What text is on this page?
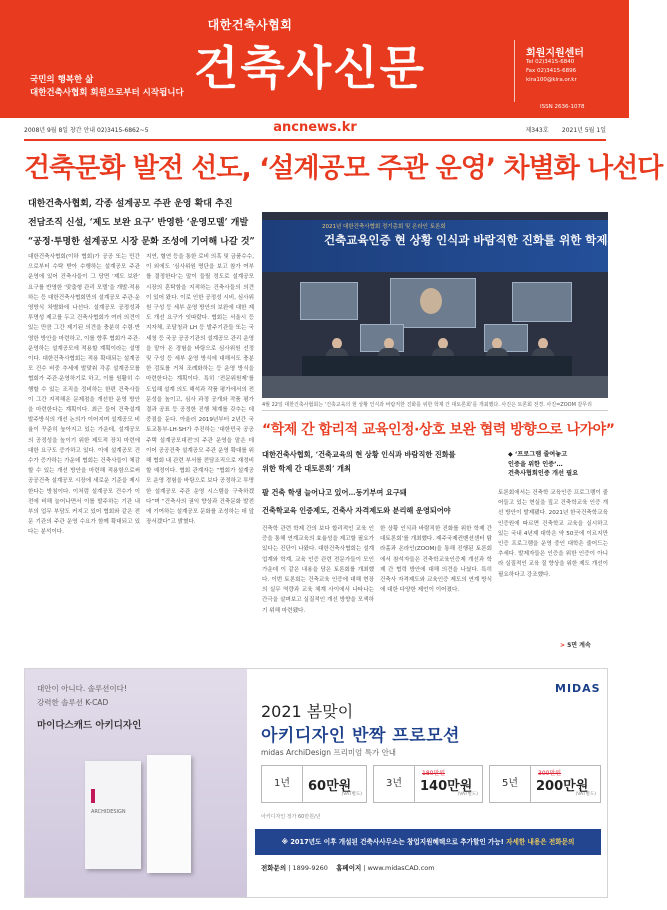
대한건축사협회
건축사신문
국민의 행복한 삶
대한건축사협회 회원으로부터 시작됩니다
회원지원센터
Tel 02)3415-6840
Fax 02)3415-6896
kira100@kira.or.kr
ISSN 2636-1078
2008년 9월 8일 창간 안내 02)3415-6862~5	ancnews.kr	제343호 2021년 5월 1일
건축문화 발전 선도, ‘설계공모 주관 운영’ 차별화 나선다
대한건축사협회, 각종 설계공모 주관 운영 확대 추진
전담조직 신설, ‘제도 보완 요구’ 반영한 ‘운영모델’ 개발
“공정·투명한 설계공모 시장 문화 조성에 기여해 나갈 것”
대한건축사협회(이하 협회)가 공공 또는 민간으로부터 수탁 받아 수행하는 설계공모 주관 운영에 있어 건축사들이 그 당면 ‘제도 보완’ 요구를 반영한 ‘맞춤형 관리 모델’을 개발·적용하는 등 대한건축사협회만의 설계공모 주관·운영방식 차별화에 나선다. 설계공모 공정성과 투명성 제고를 두고 건축사협회가 여러 의견이 있는 만큼 그간 제기된 의견을 충분히 수렴·반영한 방안을 마련하고, 이를 향후 협회가 주관·운영하는 설계공모에 적용할 계획이라는 설명이다. 대한건축사협회는 적용 확대되는 설계공모 건수 비중 추세에 발맞춰 각종 설계공모를 협회가 주관·운영하기로 하고, 이를 원활히 수행할 수 있는 조직을 정비하는 한편 건축사들이 그간 지적해온 문제점을 개선한 운영 방안을 마련한다는 계획이다. 최근 들어 건축설계 발주방식의 개선 논의가 이어지며 설계공모 비율이 꾸준히 높아지고 있는 가운데, 설계공모의 공정성을 높이기 위한 제도적 장치 마련에 대한 요구도 증가하고 있다. 이에 설계공모 건수가 증가하는 가운데 협회는 건축사들이 체감할 수 있는 개선 방안을 마련해 적용함으로써 공공건축 설계공모 시장에 새로운 기준을 제시한다는 방침이다. 이처럼 설계공모 건수가 이전에 비해 늘어나면서 이를 발주하는 기관 내부의 업무 부담도 커지고 있어 협회와 같은 전문 기관의 주관 운영 수요가 함께 확대되고 있다는 분석이다.
지연, 혈연 등을 통한 로비 의혹 및 금품수수, 이 외에도 ‘심사위원 명단을 보고 참가 여부를 결정한다’는 말이 들릴 정도로 설계공모 시장의 혼탁함을 지적하는 건축사들의 의견이 있어 왔다. 이로 인한 공정성 시비, 심사위원 구성 등 세부 운영 방안의 보완에 대한 제도 개선 요구가 잇따랐다. 협회는 서울시 등 지자체, 조달청과 LH 등 발주기관들 또는 국세청 등 국공 공공기관의 설계공모 관리 운영을 맡아 온 경험을 바탕으로 심사위원 선정 및 구성 등 세부 운영 방식에 대해서도 충분한 검토를 거쳐 조례화하는 등 운영 방식을 마련한다는 계획이다. 특히 ‘전문위원제’를 도입해 설계 의도 해석과 작품 평가에서의 전문성을 높이고, 심사 과정 공개와 작품 평가 결과 공표 등 공정한 진행 체계를 갖추는 데 중점을 둔다. 아울러 2019년부터 2년간 국토교통부·LH·SH가 추진하는 ‘대한민국 공공주택 설계공모대전’의 주관 운영을 맡은 데 이어 공공건축 설계공모 주관 운영 확대를 위해 협회 내 관련 부서를 전담조직으로 재정비할 예정이다. 협회 관계자는 “협회가 설계공모 운영 경험을 바탕으로 보다 공정하고 투명한 설계공모 주관 운영 시스템을 구축하겠다”며 “건축사의 권익 향상과 건축문화 발전에 기여하는 설계공모 문화를 조성하는 데 앞장서겠다”고 밝혔다.
2021년 대한건축사협회 정기총회 및 온라인 토론회
건축교육인증 현 상황 인식과 바람직한 진화를 위한 학제간 대토론회
4월 22일 대한건축사협회는 ‘건축교육의 현 상황 인식과 바람직한 진화를 위한 학제 간 대토론회’를 개최했다. 사진은 토론회 전경. 사진=ZOOM 갈무리
“학제 간 합리적 교육인정·상호 보완 협력 방향으로 나가야”
대한건축사협회, ‘건축교육의 현 상황 인식과 바람직한 진화를
위한 학제 간 대토론회’ 개최
◆ ‘프로그램 줄여놓고
인증을 위한 인증’…
건축사협회인증 개선 필요
팔 건축 학생 늘어나고 있어…동기부여 요구돼
건축학교육 인증제도, 건축사 자격제도와 분리해 운영되어야
건축학 관련 학제 간의 보다 합리적인 교육 인증을 통해 연계교육의 효율성을 제고할 필요가 있다는 진단이 나왔다. 대한건축사협회는 설계업계와 학계, 교육 인증 관련 전문가들이 모인 가운데 이 같은 내용을 담은 토론회를 개최했다. 이번 토론회는 건축교육 인증에 대해 현장의 실무 역량과 교육 체계 사이에서 나타나는 간극을 살펴보고 실질적인 개선 방향을 모색하기 위해 마련됐다.
한 상황 인식과 바람직한 진화를 위한 학제 간 대토론회’를 개최했다. 제주국제컨벤션센터 탐라홀과 온라인(ZOOM)을 통해 진행된 토론회에서 참석자들은 건축학교육인증제 개선과 학제 간 협력 방안에 대해 의견을 나눴다. 특히 건축사 자격제도와 교육인증 제도의 연계 방식에 대한 다양한 제언이 이어졌다.
토론회에서는 건축학 교육인증 프로그램이 줄어들고 있는 현실을 짚고 건축학교육 인증 개선 방안이 발제됐다. 2021년 한국건축학교육인증원에 따르면 건축학교 교육을 실시하고 있는 국내 4년제 대학은 약 50곳에 이르지만 인증 프로그램을 운영 중인 대학은 줄어드는 추세다. 발제자들은 인증을 위한 인증이 아니라 실질적인 교육 질 향상을 위한 제도 개선이 필요하다고 강조했다.
> 5면 계속
대안이 아니다. 솔루션이다!
강력한 솔루션 K-CAD
마이다스캐드 아키디자인
ARCHIDESIGN
MIDAS
2021 봄맞이
아키디자인 반짝 프로모션
midas ArchiDesign 프리미엄 특가 안내
1년	60만원
(VAT별도)
3년
180만원
140만원
(VAT별도)
5년
300만원
200만원
(VAT별도)
아키디자인 정가 60만원/년
※ 2017년도 이후 개설된 건축사사무소는 창업지원혜택으로 추가할인 가능! 자세한 내용은 전화문의
전화문의 | 1899-9260 홈페이지 | www.midasCAD.com
